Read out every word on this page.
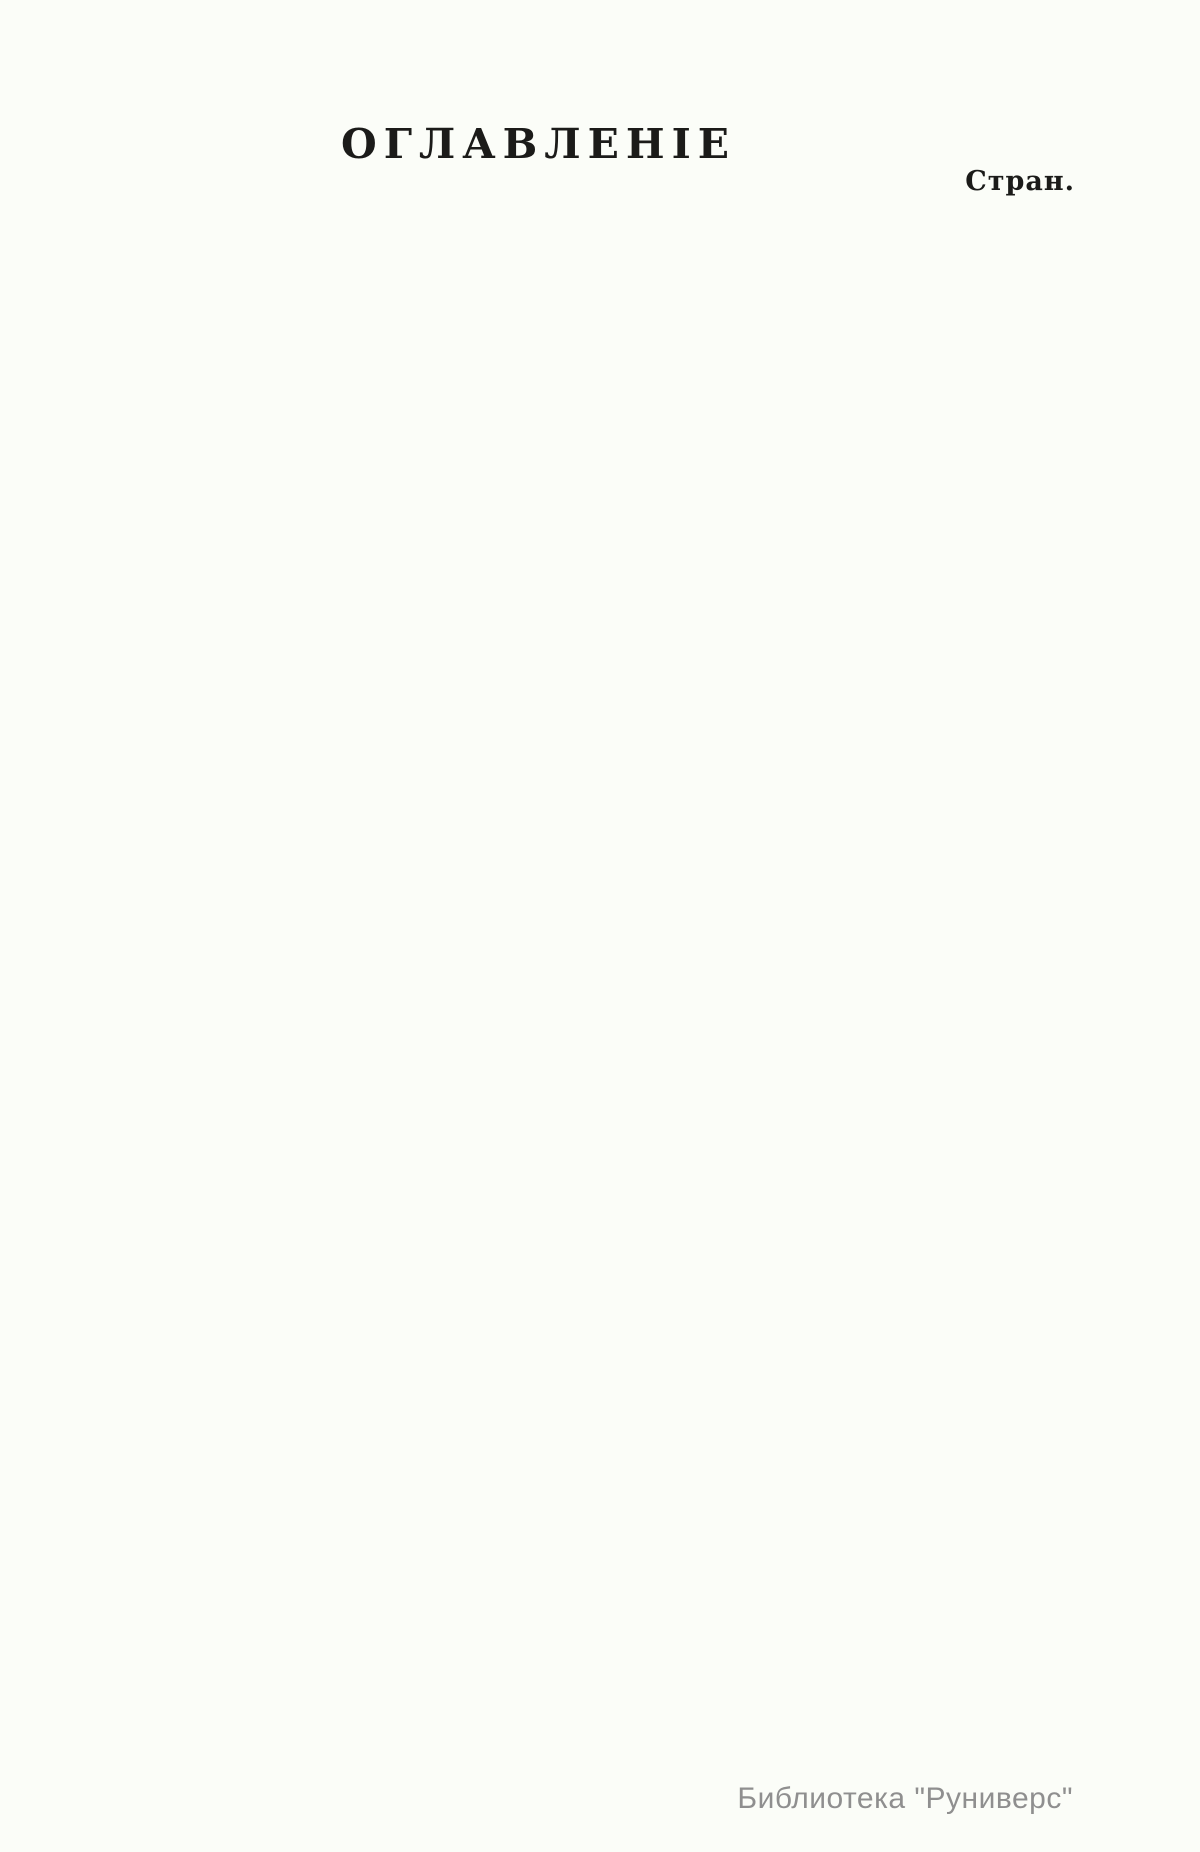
ОГЛАВЛЕНІЕ
Стран.
Библиотека "Руниверс"
